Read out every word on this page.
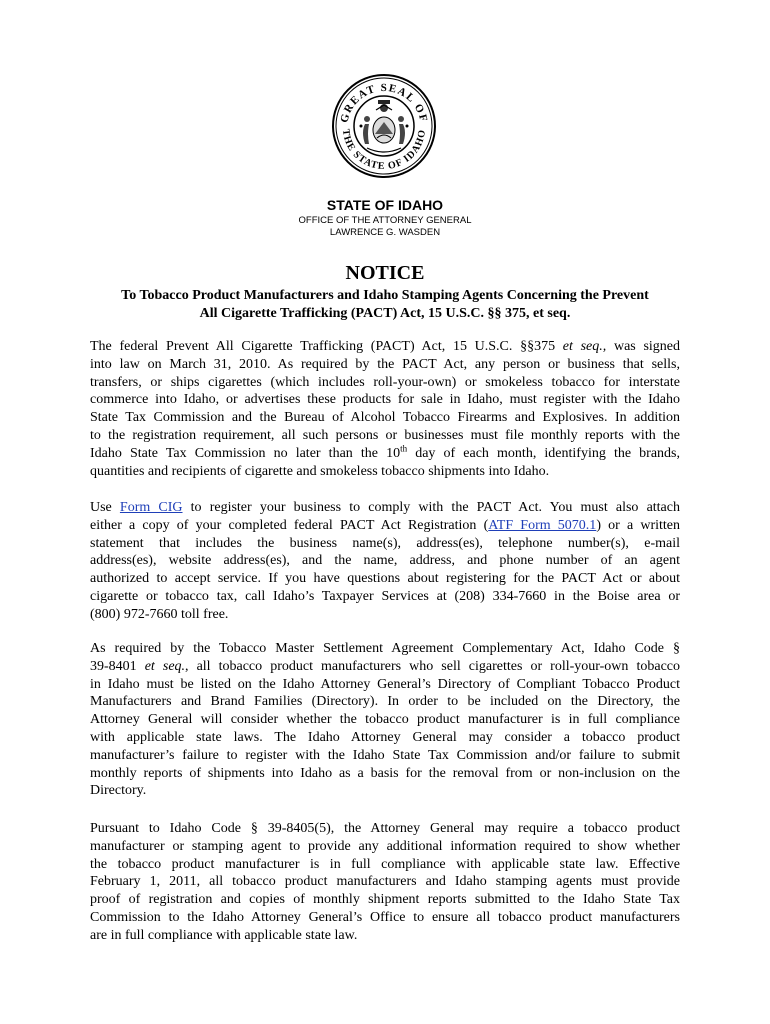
GREAT SEAL OF
THE STATE OF IDAHO
STATE OF IDAHO
OFFICE OF THE ATTORNEY GENERAL
LAWRENCE G. WASDEN
NOTICE
To Tobacco Product Manufacturers and Idaho Stamping Agents Concerning the Prevent
All Cigarette Trafficking (PACT) Act, 15 U.S.C. §§ 375, et seq.
The federal Prevent All Cigarette Trafficking (PACT) Act, 15 U.S.C. §§375 et seq., was signed
into law on March 31, 2010. As required by the PACT Act, any person or business that sells,
transfers, or ships cigarettes (which includes roll-your-own) or smokeless tobacco for interstate
commerce into Idaho, or advertises these products for sale in Idaho, must register with the Idaho
State Tax Commission and the Bureau of Alcohol Tobacco Firearms and Explosives. In addition
to the registration requirement, all such persons or businesses must file monthly reports with the
Idaho State Tax Commission no later than the 10th day of each month, identifying the brands,
quantities and recipients of cigarette and smokeless tobacco shipments into Idaho.
Use Form CIG to register your business to comply with the PACT Act. You must also attach
either a copy of your completed federal PACT Act Registration (ATF Form 5070.1) or a written
statement that includes the business name(s), address(es), telephone number(s), e-mail
address(es), website address(es), and the name, address, and phone number of an agent
authorized to accept service. If you have questions about registering for the PACT Act or about
cigarette or tobacco tax, call Idaho’s Taxpayer Services at (208) 334-7660 in the Boise area or
(800) 972-7660 toll free.
As required by the Tobacco Master Settlement Agreement Complementary Act, Idaho Code §
39-8401 et seq., all tobacco product manufacturers who sell cigarettes or roll-your-own tobacco
in Idaho must be listed on the Idaho Attorney General’s Directory of Compliant Tobacco Product
Manufacturers and Brand Families (Directory). In order to be included on the Directory, the
Attorney General will consider whether the tobacco product manufacturer is in full compliance
with applicable state laws. The Idaho Attorney General may consider a tobacco product
manufacturer’s failure to register with the Idaho State Tax Commission and/or failure to submit
monthly reports of shipments into Idaho as a basis for the removal from or non-inclusion on the
Directory.
Pursuant to Idaho Code § 39-8405(5), the Attorney General may require a tobacco product
manufacturer or stamping agent to provide any additional information required to show whether
the tobacco product manufacturer is in full compliance with applicable state law. Effective
February 1, 2011, all tobacco product manufacturers and Idaho stamping agents must provide
proof of registration and copies of monthly shipment reports submitted to the Idaho State Tax
Commission to the Idaho Attorney General’s Office to ensure all tobacco product manufacturers
are in full compliance with applicable state law.
